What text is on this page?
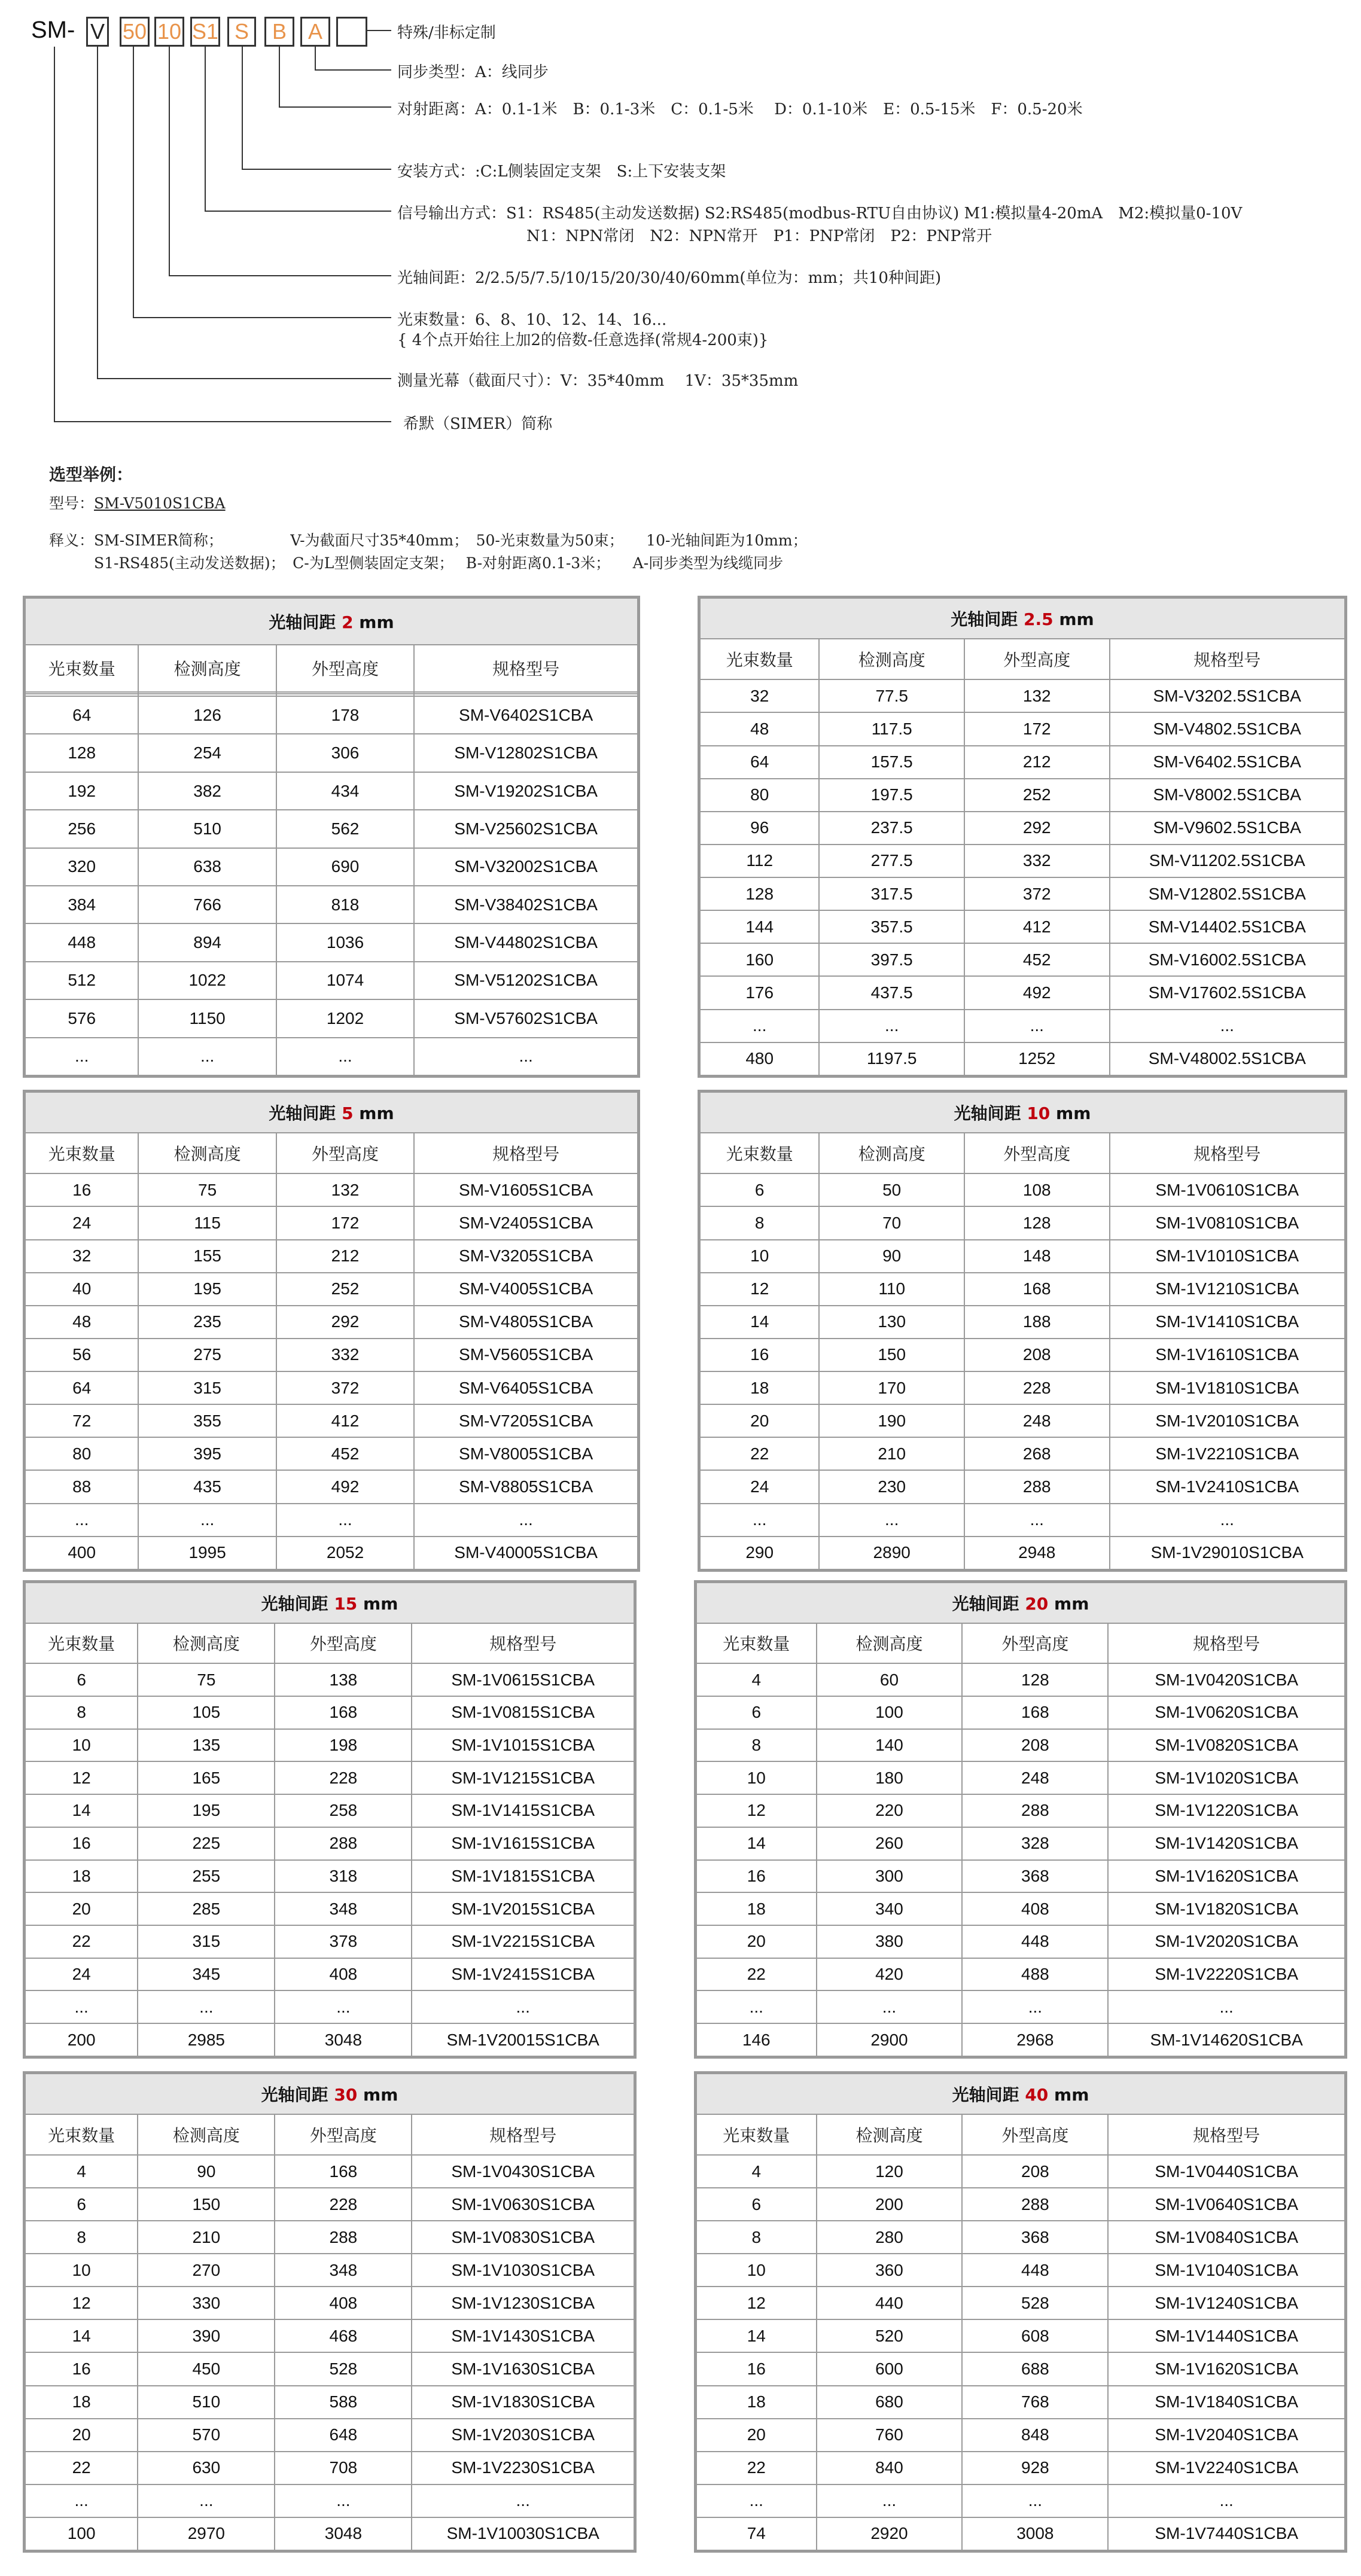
SM- V 50 10 S1 S	B A	特殊/非标定制
同步类型：A：线同步
对射距离：A：0.1-1米　B：0.1-3米　C：0.1-5米　 D：0.1-10米　E：0.5-15米　F：0.5-20米
安装方式：:C:L侧装固定支架　S:上下安装支架
信号输出方式：S1：RS485(主动发送数据) S2:RS485(modbus-RTU自由协议) M1:模拟量4-20mA　M2:模拟量0-10V
N1：NPN常闭　N2：NPN常开　P1：PNP常闭　P2：PNP常开
光轴间距：2/2.5/5/7.5/10/15/20/30/40/60mm(单位为：mm；共10种间距)
光束数量：6、8、10、12、14、16...
{ 4个点开始往上加2的倍数-任意选择(常规4-200束)}
测量光幕（截面尺寸）：V：35*40mm　 1V：35*35mm
希默（SIMER）简称
选型举例：
型号：SM-V5010S1CBA
释义：SM-SIMER简称；　　　　　V-为截面尺寸35*40mm；　50-光束数量为50束；　　10-光轴间距为10mm；
　　　S1-RS485(主动发送数据)；　C-为L型侧装固定支架；　 B-对射距离0.1-3米；　　A-同步类型为线缆同步
光轴间距 2 mm			
光束数量	检测高度	外型高度	规格型号

64	126	178	SM-V6402S1CBA
128	254	306	SM-V12802S1CBA
192	382	434	SM-V19202S1CBA
256	510	562	SM-V25602S1CBA
320	638	690	SM-V32002S1CBA
384	766	818	SM-V38402S1CBA
448	894	1036	SM-V44802S1CBA
512	1022	1074	SM-V51202S1CBA
576	1150	1202	SM-V57602S1CBA
...	...	...	...
光轴间距 2.5 mm			
光束数量	检测高度	外型高度	规格型号
32	77.5	132	SM-V3202.5S1CBA
48	117.5	172	SM-V4802.5S1CBA
64	157.5	212	SM-V6402.5S1CBA
80	197.5	252	SM-V8002.5S1CBA
96	237.5	292	SM-V9602.5S1CBA
112	277.5	332	SM-V11202.5S1CBA
128	317.5	372	SM-V12802.5S1CBA
144	357.5	412	SM-V14402.5S1CBA
160	397.5	452	SM-V16002.5S1CBA
176	437.5	492	SM-V17602.5S1CBA
...	...	...	...
480	1197.5	1252	SM-V48002.5S1CBA
光轴间距 5 mm			
光束数量	检测高度	外型高度	规格型号
16	75	132	SM-V1605S1CBA
24	115	172	SM-V2405S1CBA
32	155	212	SM-V3205S1CBA
40	195	252	SM-V4005S1CBA
48	235	292	SM-V4805S1CBA
56	275	332	SM-V5605S1CBA
64	315	372	SM-V6405S1CBA
72	355	412	SM-V7205S1CBA
80	395	452	SM-V8005S1CBA
88	435	492	SM-V8805S1CBA
...	...	...	...
400	1995	2052	SM-V40005S1CBA
光轴间距 10 mm			
光束数量	检测高度	外型高度	规格型号
6	50	108	SM-1V0610S1CBA
8	70	128	SM-1V0810S1CBA
10	90	148	SM-1V1010S1CBA
12	110	168	SM-1V1210S1CBA
14	130	188	SM-1V1410S1CBA
16	150	208	SM-1V1610S1CBA
18	170	228	SM-1V1810S1CBA
20	190	248	SM-1V2010S1CBA
22	210	268	SM-1V2210S1CBA
24	230	288	SM-1V2410S1CBA
...	...	...	...
290	2890	2948	SM-1V29010S1CBA
光轴间距 15 mm			
光束数量	检测高度	外型高度	规格型号
6	75	138	SM-1V0615S1CBA
8	105	168	SM-1V0815S1CBA
10	135	198	SM-1V1015S1CBA
12	165	228	SM-1V1215S1CBA
14	195	258	SM-1V1415S1CBA
16	225	288	SM-1V1615S1CBA
18	255	318	SM-1V1815S1CBA
20	285	348	SM-1V2015S1CBA
22	315	378	SM-1V2215S1CBA
24	345	408	SM-1V2415S1CBA
...	...	...	...
200	2985	3048	SM-1V20015S1CBA
光轴间距 20 mm			
光束数量	检测高度	外型高度	规格型号
4	60	128	SM-1V0420S1CBA
6	100	168	SM-1V0620S1CBA
8	140	208	SM-1V0820S1CBA
10	180	248	SM-1V1020S1CBA
12	220	288	SM-1V1220S1CBA
14	260	328	SM-1V1420S1CBA
16	300	368	SM-1V1620S1CBA
18	340	408	SM-1V1820S1CBA
20	380	448	SM-1V2020S1CBA
22	420	488	SM-1V2220S1CBA
...	...	...	...
146	2900	2968	SM-1V14620S1CBA
光轴间距 30 mm			
光束数量	检测高度	外型高度	规格型号
4	90	168	SM-1V0430S1CBA
6	150	228	SM-1V0630S1CBA
8	210	288	SM-1V0830S1CBA
10	270	348	SM-1V1030S1CBA
12	330	408	SM-1V1230S1CBA
14	390	468	SM-1V1430S1CBA
16	450	528	SM-1V1630S1CBA
18	510	588	SM-1V1830S1CBA
20	570	648	SM-1V2030S1CBA
22	630	708	SM-1V2230S1CBA
...	...	...	...
100	2970	3048	SM-1V10030S1CBA
光轴间距 40 mm			
光束数量	检测高度	外型高度	规格型号
4	120	208	SM-1V0440S1CBA
6	200	288	SM-1V0640S1CBA
8	280	368	SM-1V0840S1CBA
10	360	448	SM-1V1040S1CBA
12	440	528	SM-1V1240S1CBA
14	520	608	SM-1V1440S1CBA
16	600	688	SM-1V1620S1CBA
18	680	768	SM-1V1840S1CBA
20	760	848	SM-1V2040S1CBA
22	840	928	SM-1V2240S1CBA
...	...	...	...
74	2920	3008	SM-1V7440S1CBA
